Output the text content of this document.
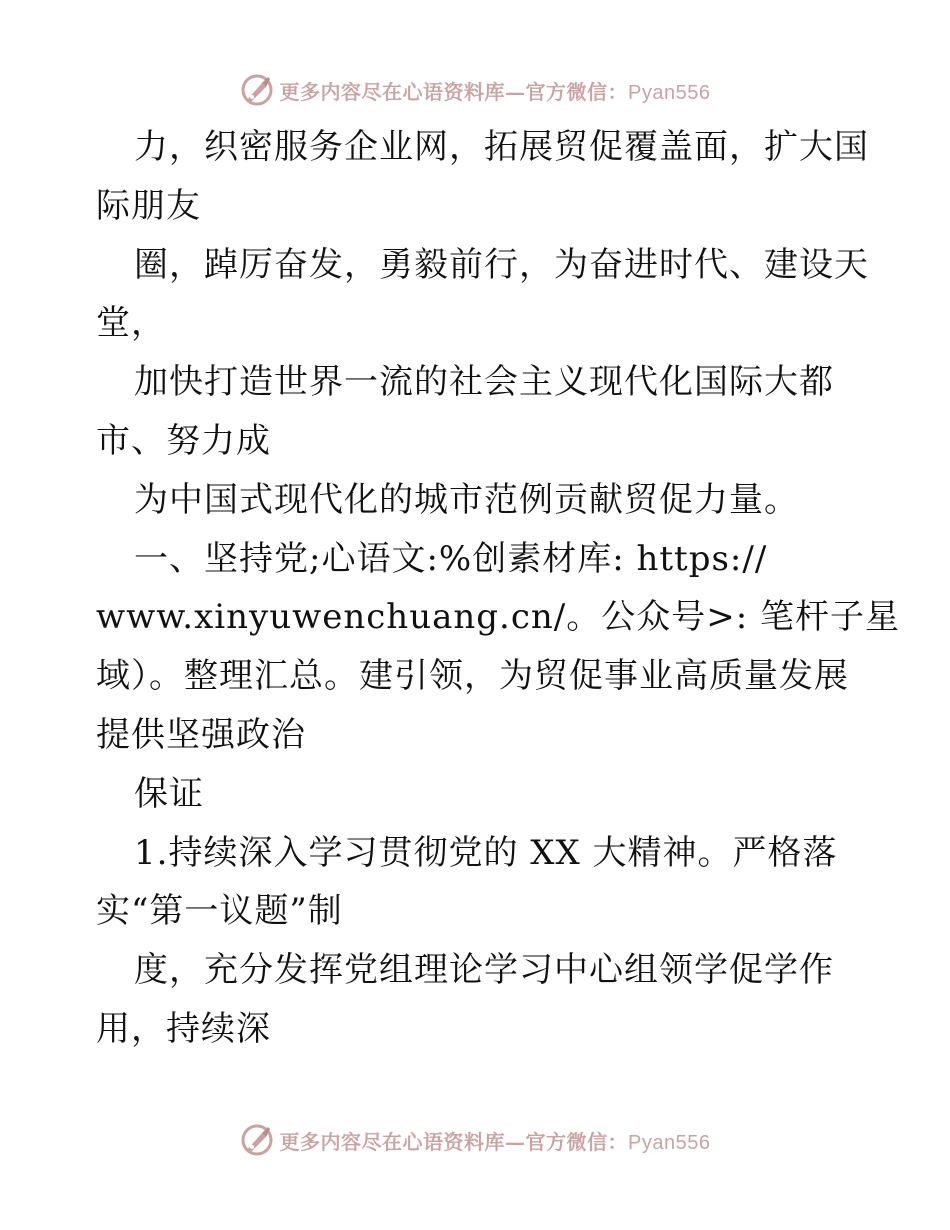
更多内容尽在心语资料库—官方微信：Pyan556
力，织密服务企业网，拓展贸促覆盖面，扩大国
际朋友
圈，踔厉奋发，勇毅前行，为奋进时代、建设天
堂，
加快打造世界一流的社会主义现代化国际大都
市、努力成
为中国式现代化的城市范例贡献贸促力量。
一、坚持党;心语文:%创素材库: https://
www.xinyuwenchuang.cn/。公众号>: 笔杆子星
域）。整理汇总。建引领，为贸促事业高质量发展
提供坚强政治
保证
1.持续深入学习贯彻党的 XX 大精神。严格落
实“第一议题”制
度，充分发挥党组理论学习中心组领学促学作
用，持续深
更多内容尽在心语资料库—官方微信：Pyan556
